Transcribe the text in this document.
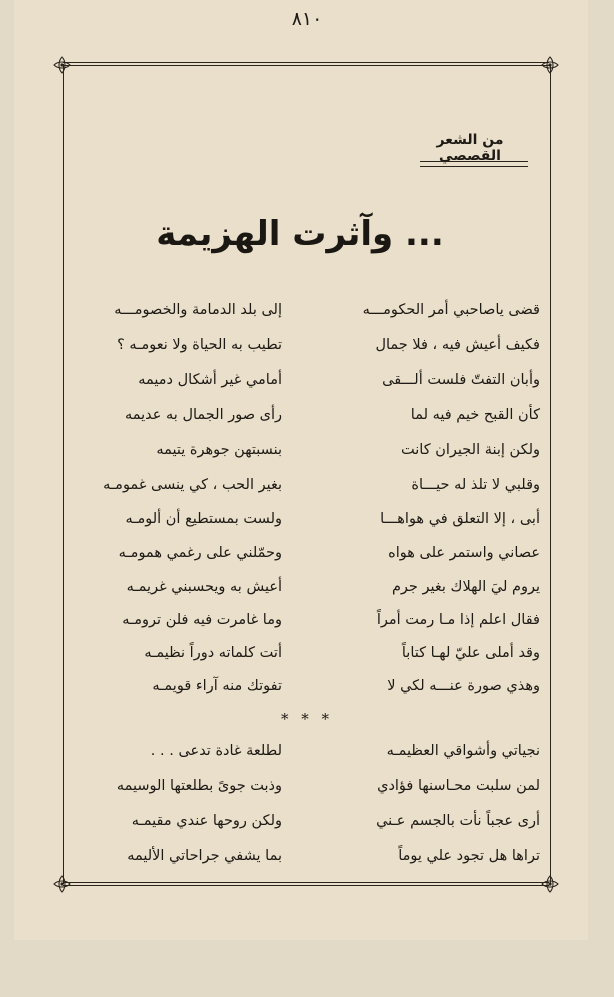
٨١٠
من الشعر القصصي
... وآثرت الهزيمة
قضى ياصاحبي أمر الحكومـــه
إلى بلد الدمامة والخصومـــه
فكيف أعيش فيه ، فلا جمال
تطيب به الحياة ولا نعومـه ؟
وأبان التفتّ فلست ألـــقى
أمامي غير أشكال دميمه
كأن القبح خيم فيه لما
رأى صور الجمال به عديمه
ولكن إبنة الجيران كانت
بنسبتهن جوهرة يتيمه
وقلبي لا تلذ له حيـــاة
بغير الحب ، كي ينسى غمومـه
أبى ، إلا التعلق في هواهـــا
ولست بمستطيع أن ألومـه
عصاني واستمر على هواه
وحمّلني على رغمي همومـه
يروم ليَ الهلاك بغير جرم
أعيش به ويحسبني غريمـه
فقال اعلم إذا مـا رمت أمراً
وما غامرت فيه فلن ترومـه
وقد أملى عليّ لهـا كتاباً
أتت كلماته دوراً نظيمـه
وهذي صورة عنـــه لكي لا
تفوتك منه آراء قويمـه
* * *
نجياتي وأشواقي العظيمـه
لطلعة غادة تدعى . . .
لمن سلبت محـاسنها فؤادي
وذبت جوىً بطلعتها الوسيمه
أرى عجباً نأت بالجسم عـني
ولكن روحها عندي مقيمـه
تراها هل تجود علي يوماً
بما يشفي جراحاتي الأليمه
